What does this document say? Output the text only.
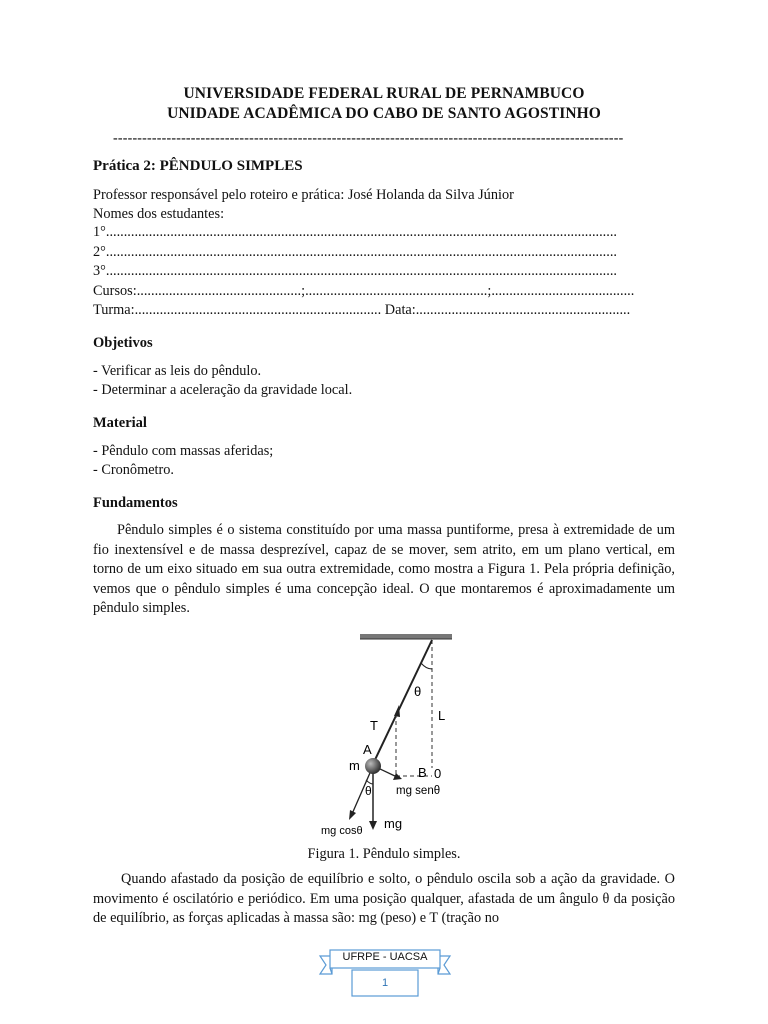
UNIVERSIDADE FEDERAL RURAL DE PERNAMBUCO
UNIDADE ACADÊMICA DO CABO DE SANTO AGOSTINHO
---------------------------------------------------------------------------------------------------------
Prática 2: PÊNDULO SIMPLES
Professor responsável pelo roteiro e prática: José Holanda da Silva Júnior
Nomes dos estudantes:
1°...............................................................................................................................................
2°...............................................................................................................................................
3°...............................................................................................................................................
Cursos:..............................................;...................................................;........................................
Turma:..................................................................... Data:............................................................
Objetivos
- Verificar as leis do pêndulo.
- Determinar a aceleração da gravidade local.
Material
- Pêndulo com massas aferidas;
- Cronômetro.
Fundamentos
Pêndulo simples é o sistema constituído por uma massa puntiforme, presa à extremidade de um fio inextensível e de massa desprezível, capaz de se mover, sem atrito, em um plano vertical, em torno de um eixo situado em sua outra extremidade, como mostra a Figura 1. Pela própria definição, vemos que o pêndulo simples é uma concepção ideal. O que montaremos é aproximadamente um pêndulo simples.
θ
L
T
A
m	B 0
mg senθ
θ
mg cosθ mg
Figura 1. Pêndulo simples.
Quando afastado da posição de equilíbrio e solto, o pêndulo oscila sob a ação da gravidade. O movimento é oscilatório e periódico. Em uma posição qualquer, afastada de um ângulo θ da posição de equilíbrio, as forças aplicadas à massa são: mg (peso) e T (tração no
UFRPE - UACSA
1
